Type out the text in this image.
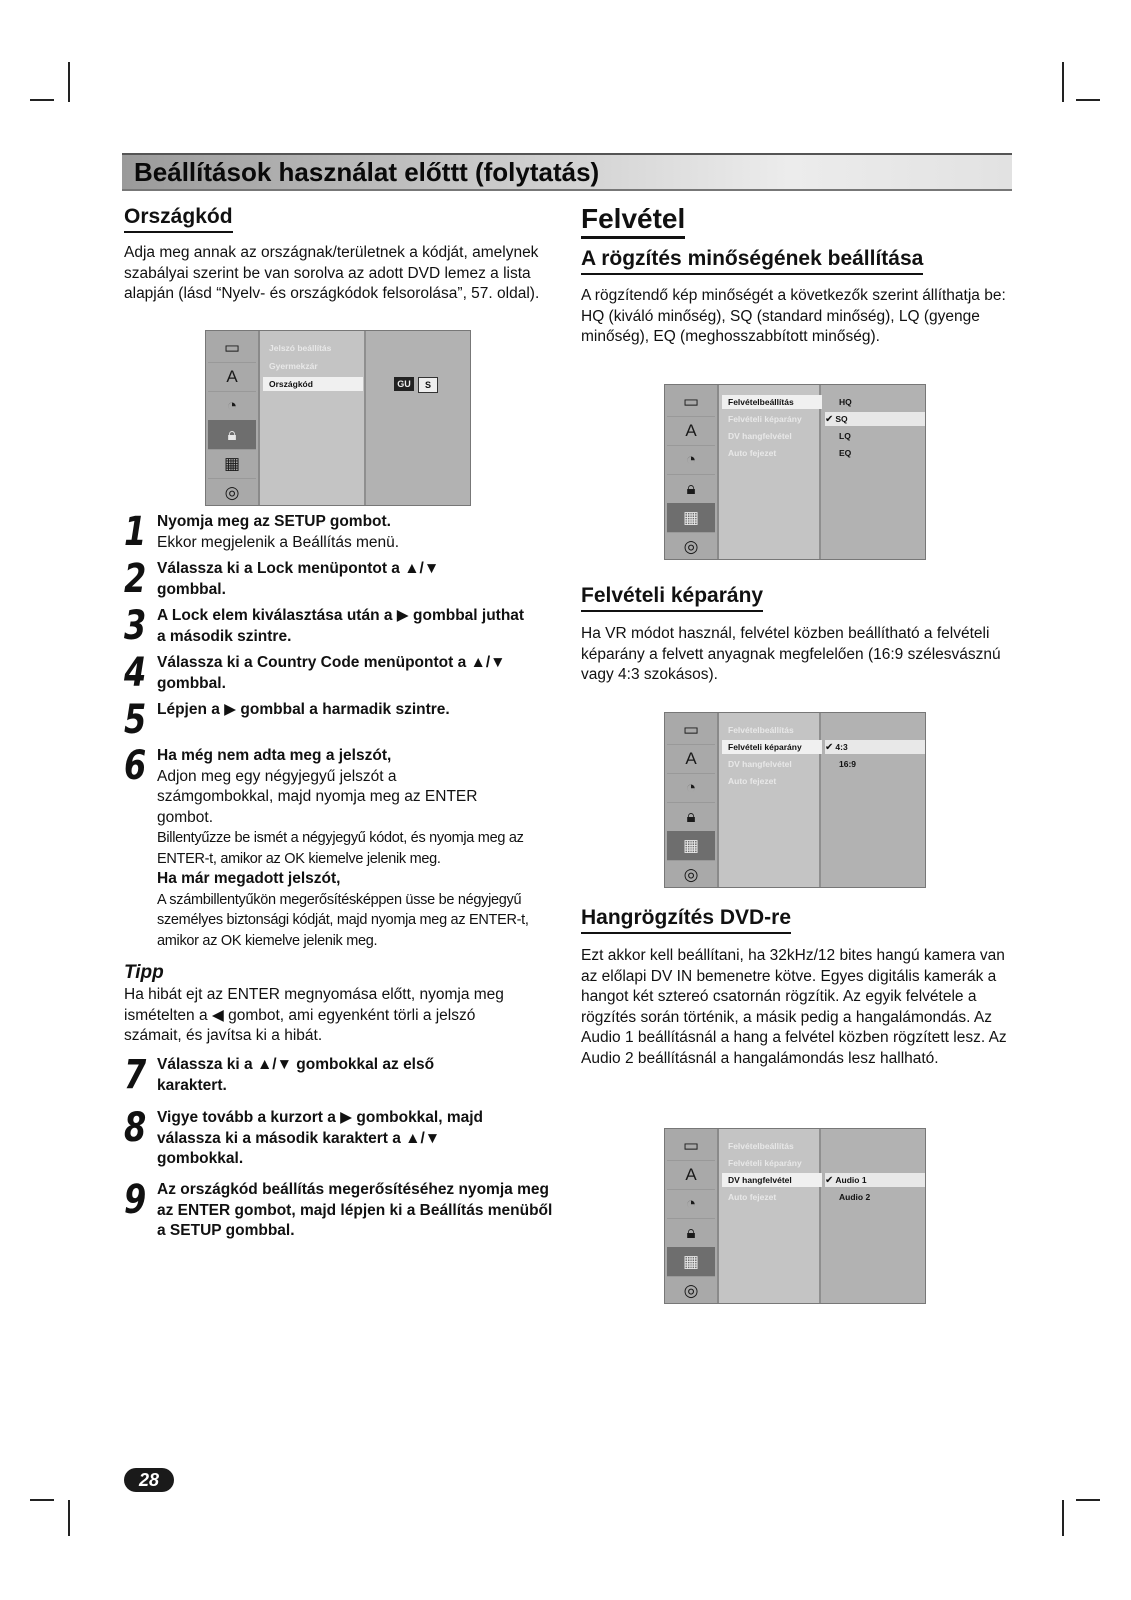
Beállítások használat előttt (folytatás)
Országkód

Adja meg annak az országnak/területnek a kódját, amelynek szabályai szerint be van sorolva az adott DVD lemez a lista alapján (lásd “Nyelv- és országkódok felsorolása”, 57. oldal).

▭
A
◔
🔒︎
▦
◎
Jelszó beállítás
Gyermekzár
Országkód	GU	S
1 Nyomja meg az SETUP gombot.
Ekkor megjelenik a Beállítás menü.
2 Válassza ki a Lock menüpontot a ▲/▼ gombbal.
3 A Lock elem kiválasztása után a ▶ gombbal juthat a második szintre.
4 Válassza ki a Country Code menüpontot a ▲/▼ gombbal.
5 Lépjen a ▶ gombbal a harmadik szintre.
6 Ha még nem adta meg a jelszót,
Adjon meg egy négyjegyű jelszót a számgombokkal, majd nyomja meg az ENTER gombot.
Billentyűzze be ismét a négyjegyű kódot, és nyomja meg az ENTER-t, amikor az OK kiemelve jelenik meg.
Ha már megadott jelszót,
A számbillentyűkön megerősítésképpen üsse be négyjegyű személyes biztonsági kódját, majd nyomja meg az ENTER-t, amikor az OK kiemelve jelenik meg.
Tipp

Ha hibát ejt az ENTER megnyomása előtt, nyomja meg ismételten a ◀ gombot, ami egyenként törli a jelszó számait, és javítsa ki a hibát.

7 Válassza ki a ▲/▼ gombokkal az első karaktert.
8 Vigye tovább a kurzort a ▶ gombokkal, majd válassza ki a második karaktert a ▲/▼ gombokkal.
9 Az országkód beállítás megerősítéséhez nyomja meg az ENTER gombot, majd lépjen ki a Beállítás menüből a SETUP gombbal.
Felvétel
A rögzítés minőségének beállítása

A rögzítendő kép minőségét a következők szerint állíthatja be: HQ (kiváló minőség), SQ (standard minőség), LQ (gyenge minőség), EQ (meghosszabbított minőség).

▭
A
◔
🔒︎
▦
◎
Felvételbeállítás
Felvételi képarány
DV hangfelvétel
Auto fejezet
HQ
✔ SQ
LQ
EQ
Felvételi képarány

Ha VR módot használ, felvétel közben beállítható a felvételi képarány a felvett anyagnak megfelelően (16:9 szélesvásznú vagy 4:3 szokásos).

▭
A
◔
🔒︎
▦
◎
Felvételbeállítás
Felvételi képarány
DV hangfelvétel
Auto fejezet
✔ 4:3
16:9
Hangrögzítés DVD-re

Ezt akkor kell beállítani, ha 32kHz/12 bites hangú kamera van az előlapi DV IN bemenetre kötve. Egyes digitális kamerák a hangot két sztereó csatornán rögzítik. Az egyik felvétele a rögzítés során történik, a másik pedig a hangalámondás. Az Audio 1 beállításnál a hang a felvétel közben rögzített lesz. Az Audio 2 beállításnál a hangalámondás lesz hallható.

▭
A
◔
🔒︎
▦
◎
Felvételbeállítás
Felvételi képarány
DV hangfelvétel
Auto fejezet
✔ Audio 1
Audio 2
28
